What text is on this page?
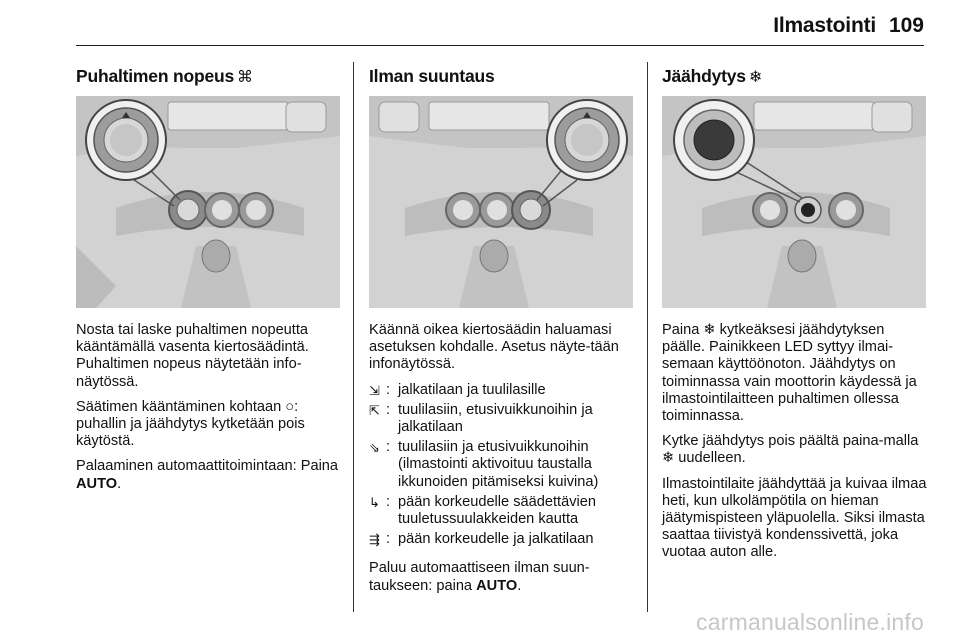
Ilmastointi 109
Puhaltimen nopeus ⌘

Nosta tai laske puhaltimen nopeutta kääntämällä vasenta kiertosäädintä. Puhaltimen nopeus näytetään info-näytössä.

Säätimen kääntäminen kohtaan ○: puhallin ja jäähdytys kytketään pois käytöstä.

Palaaminen automaattitoimintaan: Paina AUTO.

Ilman suuntaus

Käännä oikea kiertosäädin haluamasi asetuksen kohdalle. Asetus näyte-tään infonäytössä.

⇲ : jalkatilaan ja tuulilasille
⇱ : tuulilasiin, etusivuikkunoihin ja jalkatilaan
⇘ : tuulilasiin ja etusivuikkunoihin (ilmastointi aktivoituu taustalla ikkunoiden pitämiseksi kuivina)
↳ : pään korkeudelle säädettävien tuuletussuulakkeiden kautta
⇶ : pään korkeudelle ja jalkatilaan

Paluu automaattiseen ilman suun-taukseen: paina AUTO.

Jäähdytys ❄

Paina ❄ kytkeäksesi jäähdytyksen päälle. Painikkeen LED syttyy ilmai-semaan käyttöönoton. Jäähdytys on toiminnassa vain moottorin käydessä ja ilmastointilaitteen puhaltimen ollessa toiminnassa.

Kytke jäähdytys pois päältä paina-malla ❄ uudelleen.

Ilmastointilaite jäähdyttää ja kuivaa ilmaa heti, kun ulkolämpötila on hieman jäätymispisteen yläpuolella. Siksi ilmasta saattaa tiivistyä kondenssivettä, joka vuotaa auton alle.

carmanualsonline.info
